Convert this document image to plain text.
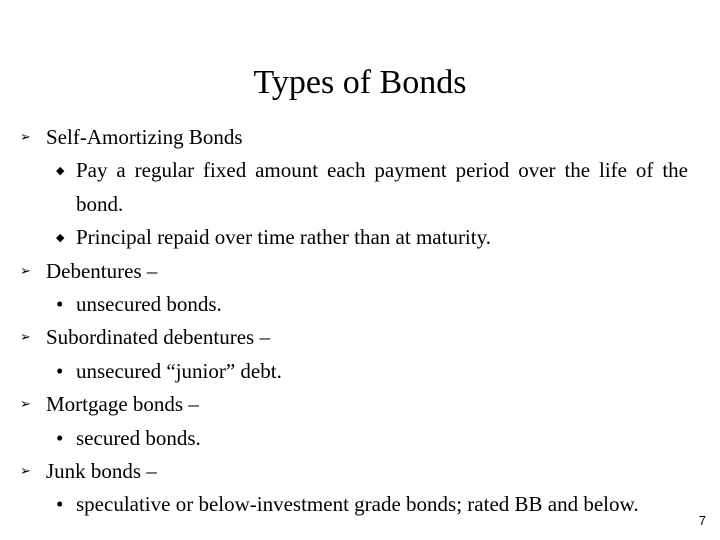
Types of Bonds
➢ Self-Amortizing Bonds
◆ Pay a regular fixed amount each payment period over the life of the bond.
◆ Principal repaid over time rather than at maturity.
➢ Debentures –
• unsecured bonds.
➢ Subordinated debentures –
• unsecured “junior” debt.
➢ Mortgage bonds –
• secured bonds.
➢ Junk bonds –
• speculative or below-investment grade bonds; rated BB and below.
7
